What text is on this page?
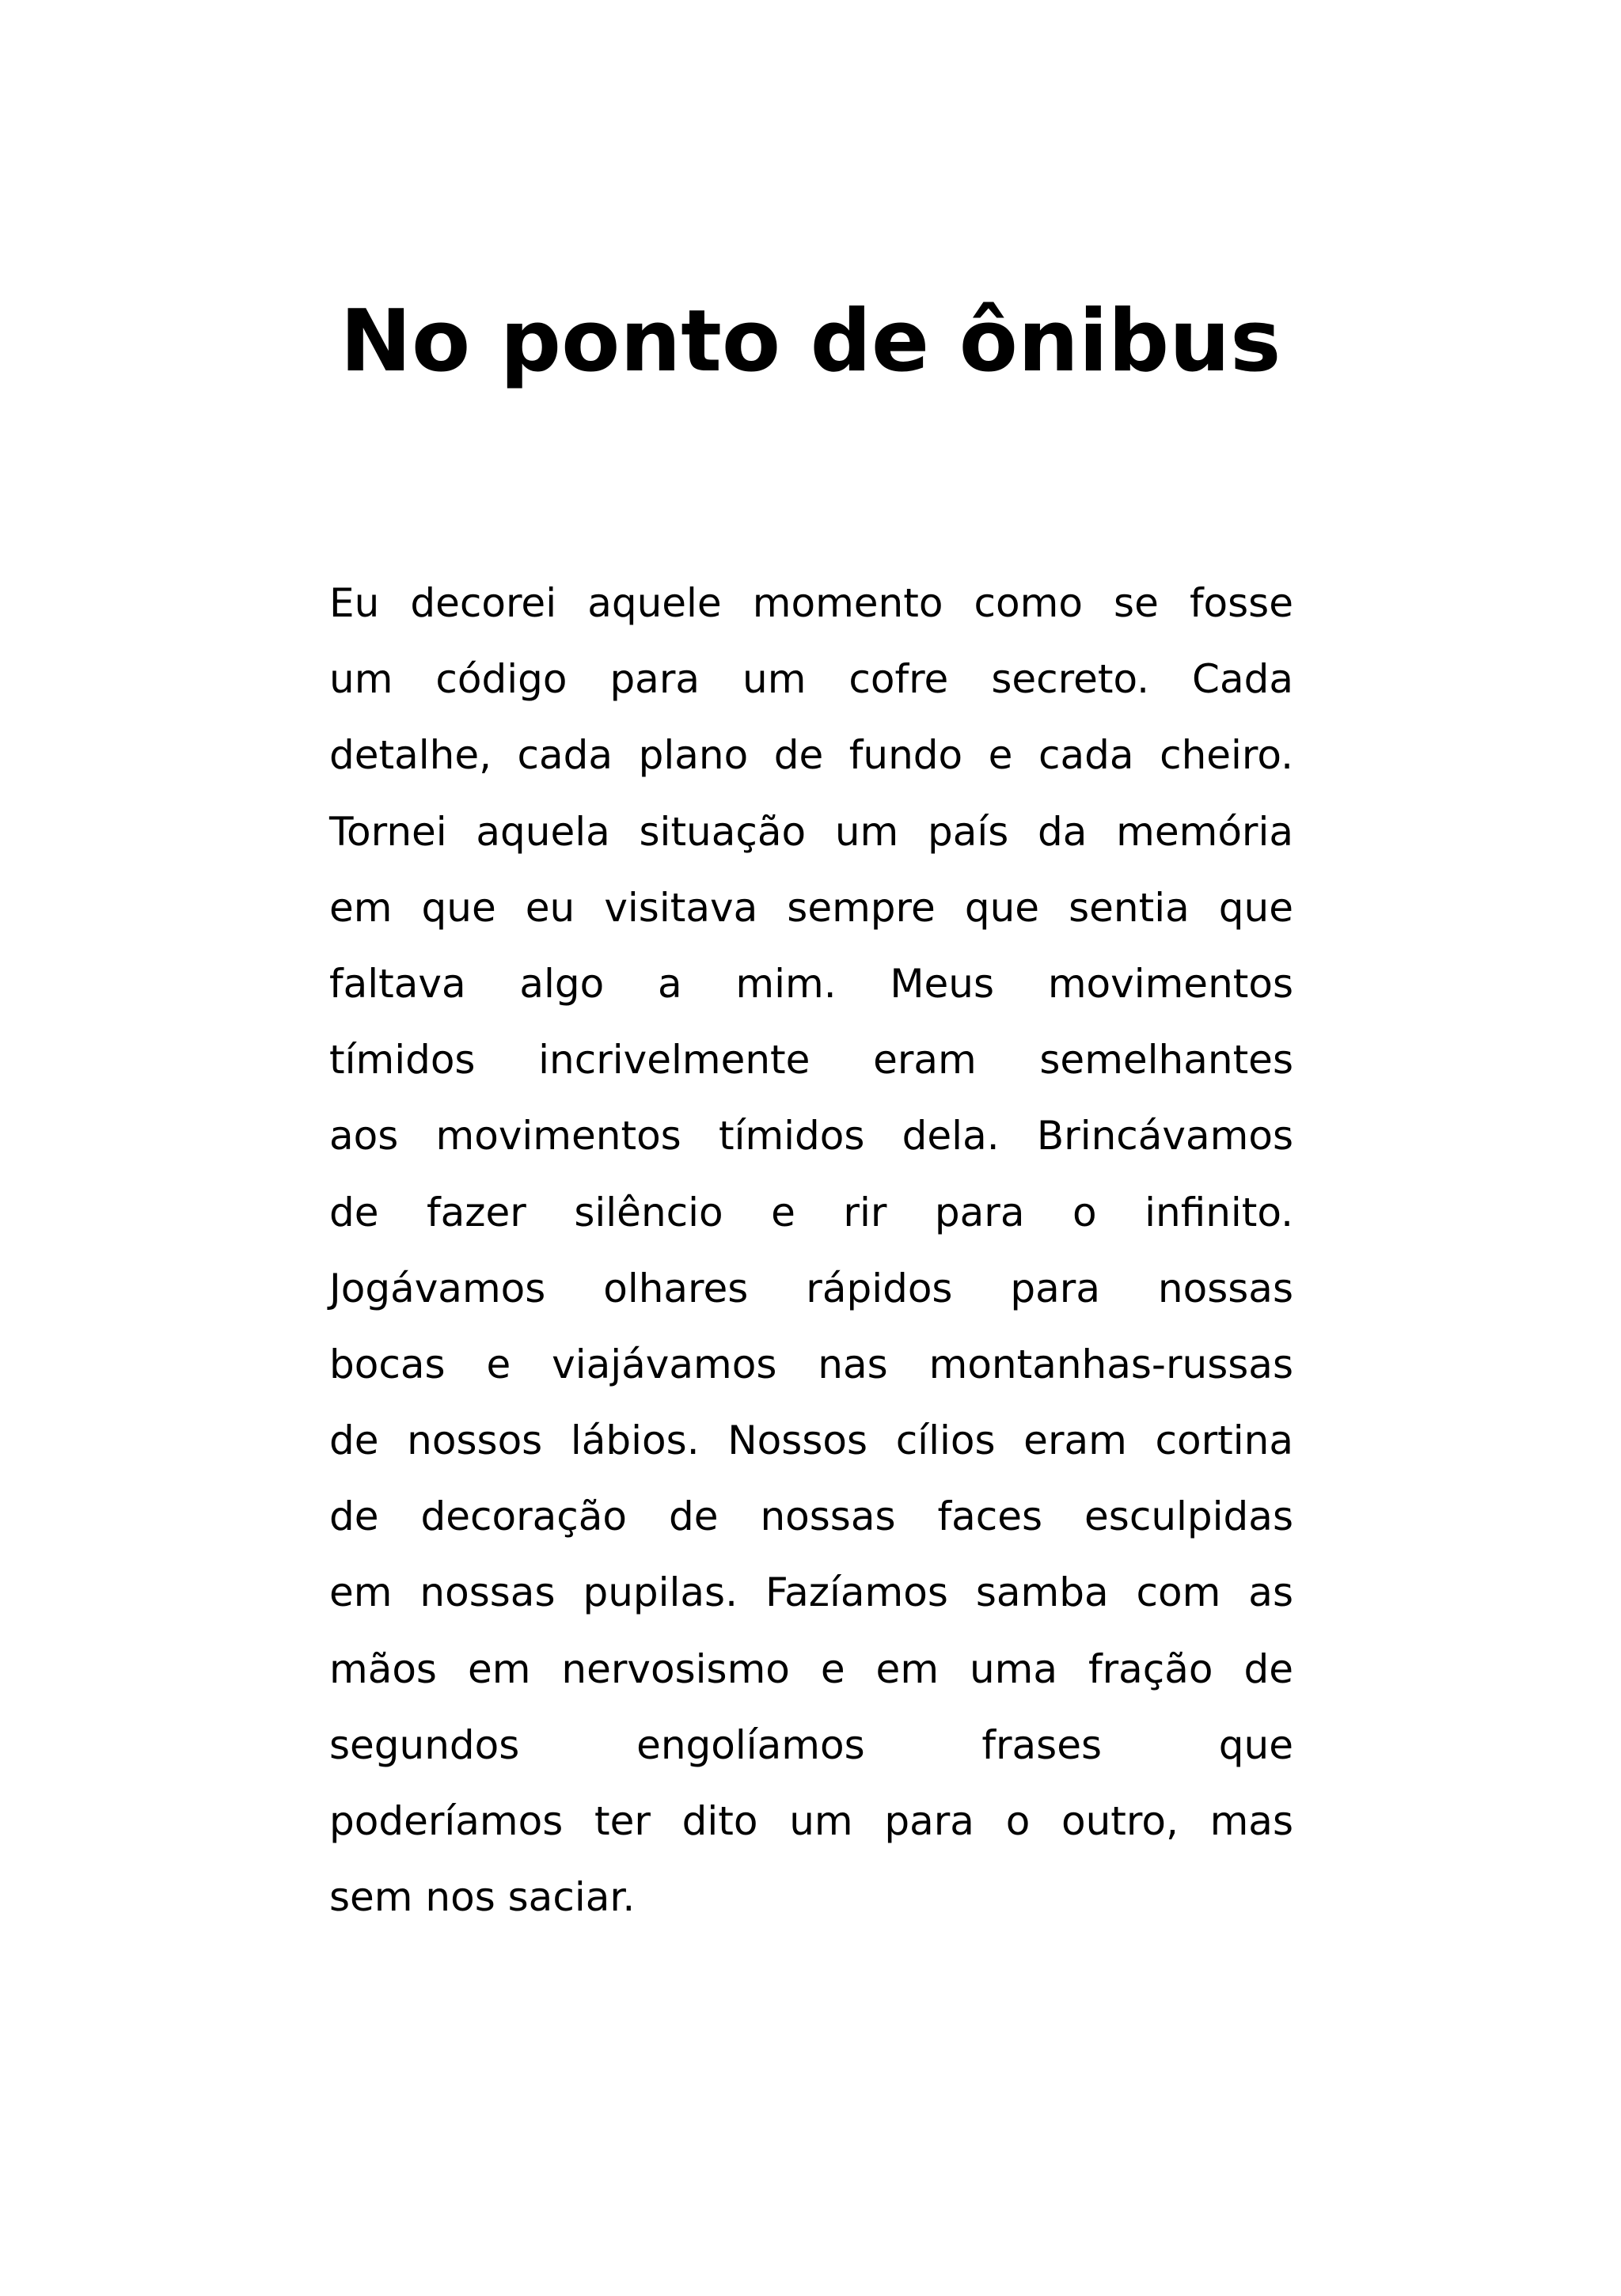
No ponto de ônibus
Eu decorei aquele momento como se fosse
um código para um cofre secreto. Cada
detalhe, cada plano de fundo e cada cheiro.
Tornei aquela situação um país da memória
em que eu visitava sempre que sentia que
faltava algo a mim. Meus movimentos
tímidos incrivelmente eram semelhantes
aos movimentos tímidos dela. Brincávamos
de fazer silêncio e rir para o infinito.
Jogávamos olhares rápidos para nossas
bocas e viajávamos nas montanhas-russas
de nossos lábios. Nossos cílios eram cortina
de decoração de nossas faces esculpidas
em nossas pupilas. Fazíamos samba com as
mãos em nervosismo e em uma fração de
segundos engolíamos frases que
poderíamos ter dito um para o outro, mas
sem nos saciar.
